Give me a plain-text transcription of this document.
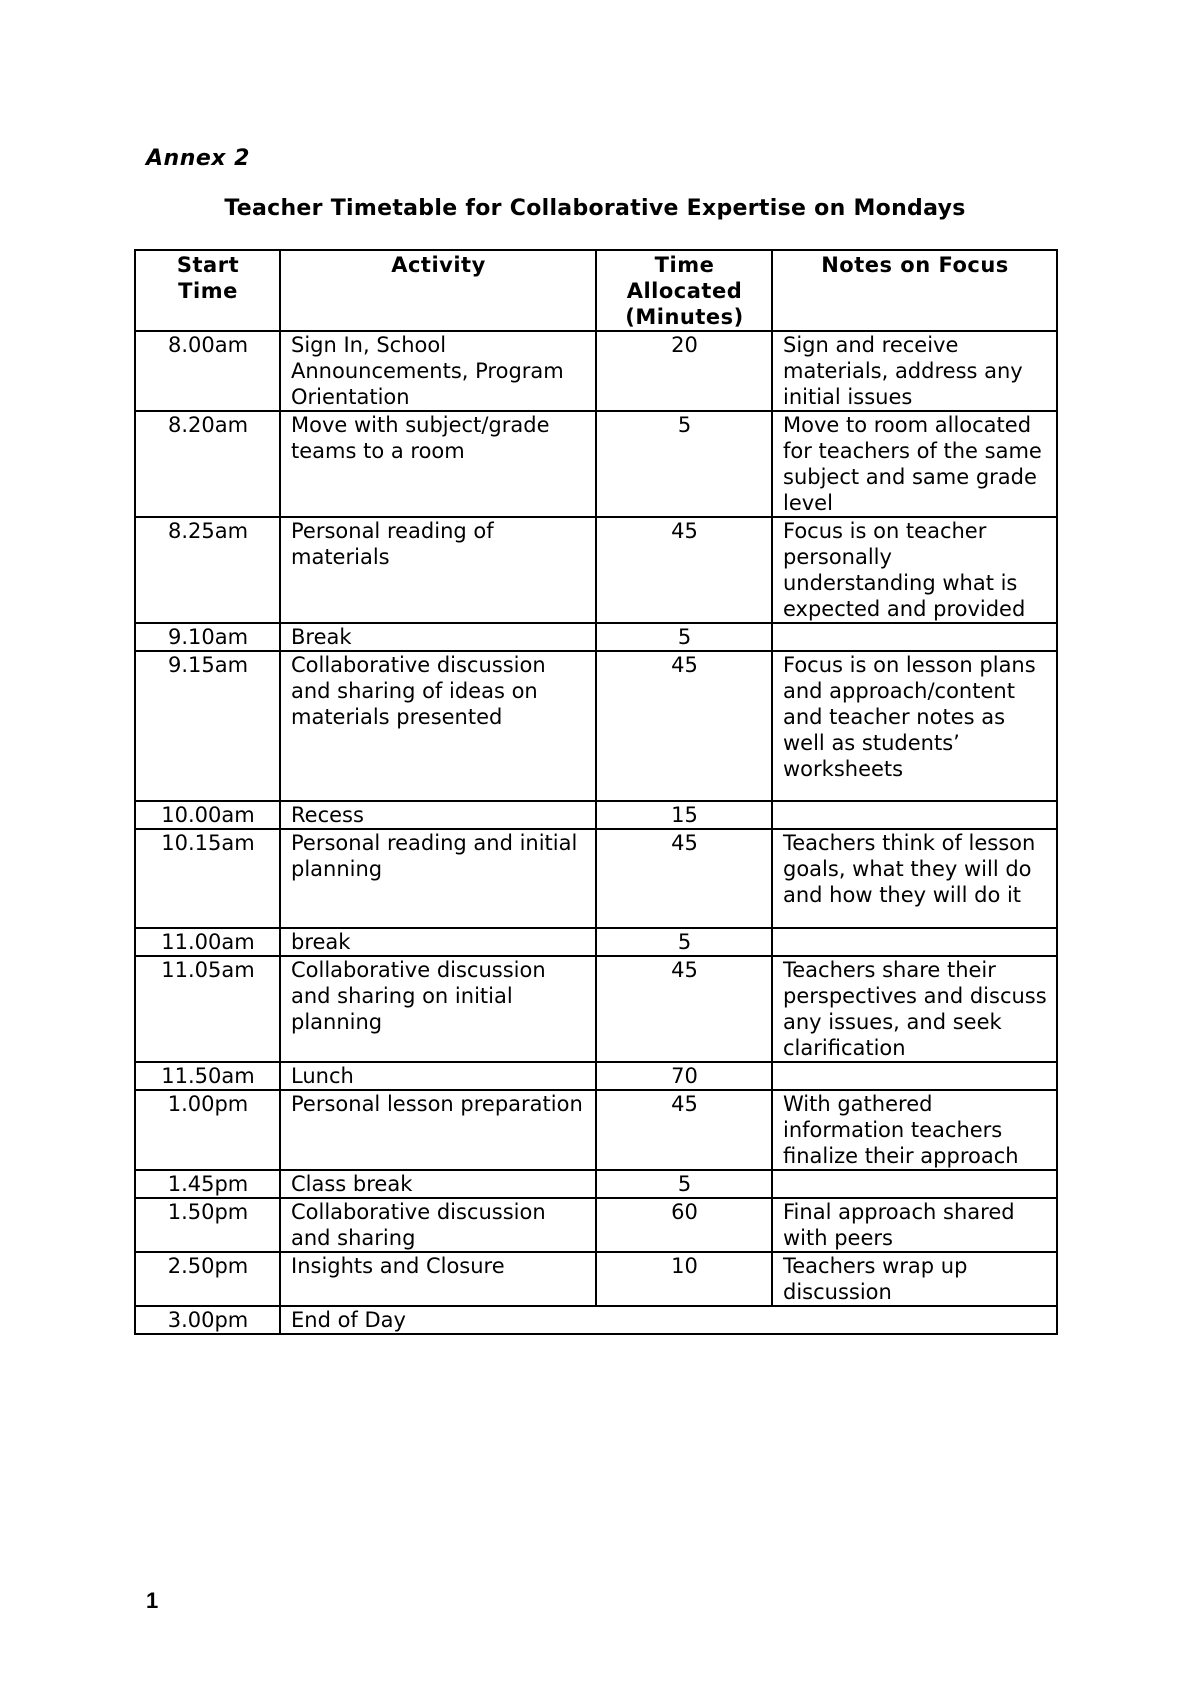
Annex 2
Teacher Timetable for Collaborative Expertise on Mondays
Start Time	Activity	Time Allocated (Minutes)	Notes on Focus
8.00am	Sign In, School Announcements, Program Orientation	20	Sign and receive materials, address any initial issues
8.20am	Move with subject/grade teams to a room	5	Move to room allocated for teachers of the same subject and same grade level
8.25am	Personal reading of materials	45	Focus is on teacher personally understanding what is expected and provided
9.10am	Break	5	
9.15am	Collaborative discussion and sharing of ideas on materials presented	45	Focus is on lesson plans and approach/content and teacher notes as well as students’ worksheets
10.00am	Recess	15	
10.15am	Personal reading and initial planning	45	Teachers think of lesson goals, what they will do and how they will do it
11.00am	break	5	
11.05am	Collaborative discussion and sharing on initial planning	45	Teachers share their perspectives and discuss any issues, and seek clarification
11.50am	Lunch	70	
1.00pm	Personal lesson preparation	45	With gathered information teachers finalize their approach
1.45pm	Class break	5	
1.50pm	Collaborative discussion and sharing	60	Final approach shared with peers
2.50pm	Insights and Closure	10	Teachers wrap up discussion
3.00pm	End of Day		
1
